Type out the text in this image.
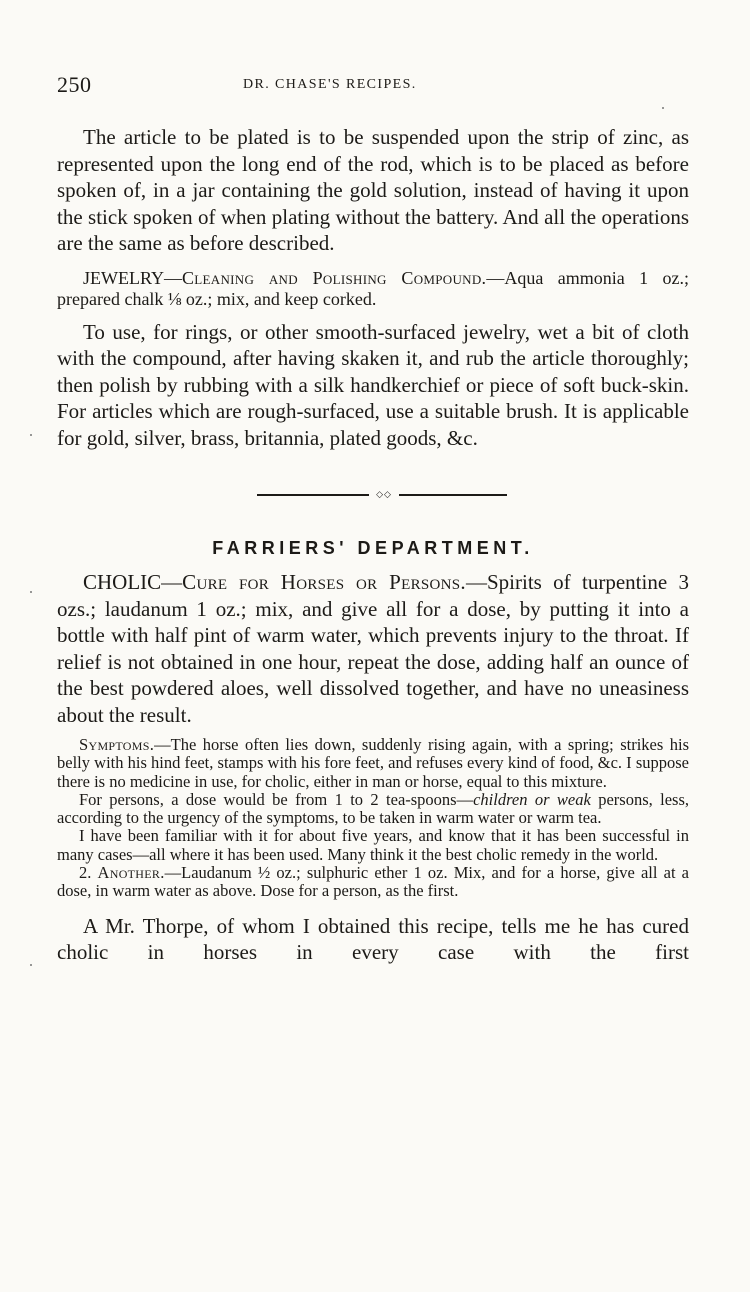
250	DR. CHASE'S RECIPES.

The article to be plated is to be suspended upon the strip of zinc, as represented upon the long end of the rod, which is to be placed as before spoken of, in a jar containing the gold solution, instead of having it upon the stick spoken of when plating without the battery. And all the operations are the same as before described.

JEWELRY—Cleaning and Polishing Compound.—Aqua ammonia 1 oz.; prepared chalk ⅛ oz.; mix, and keep corked.

To use, for rings, or other smooth-surfaced jewelry, wet a bit of cloth with the compound, after having skaken it, and rub the article thoroughly; then polish by rubbing with a silk handkerchief or piece of soft buck-skin. For articles which are rough-surfaced, use a suitable brush. It is applicable for gold, silver, brass, britannia, plated goods, &c.

◇◇
FARRIERS' DEPARTMENT.

CHOLIC—Cure for Horses or Persons.—Spirits of turpentine 3 ozs.; laudanum 1 oz.; mix, and give all for a dose, by putting it into a bottle with half pint of warm water, which prevents injury to the throat. If relief is not obtained in one hour, repeat the dose, adding half an ounce of the best powdered aloes, well dissolved together, and have no uneasiness about the result.

Symptoms.—The horse often lies down, suddenly rising again, with a spring; strikes his belly with his hind feet, stamps with his fore feet, and refuses every kind of food, &c. I suppose there is no medicine in use, for cholic, either in man or horse, equal to this mixture.

For persons, a dose would be from 1 to 2 tea-spoons—children or weak persons, less, according to the urgency of the symptoms, to be taken in warm water or warm tea.

I have been familiar with it for about five years, and know that it has been successful in many cases—all where it has been used. Many think it the best cholic remedy in the world.

2. Another.—Laudanum ½ oz.; sulphuric ether 1 oz. Mix, and for a horse, give all at a dose, in warm water as above. Dose for a person, as the first.

A Mr. Thorpe, of whom I obtained this recipe, tells me he has cured cholic in horses in every case with the first
